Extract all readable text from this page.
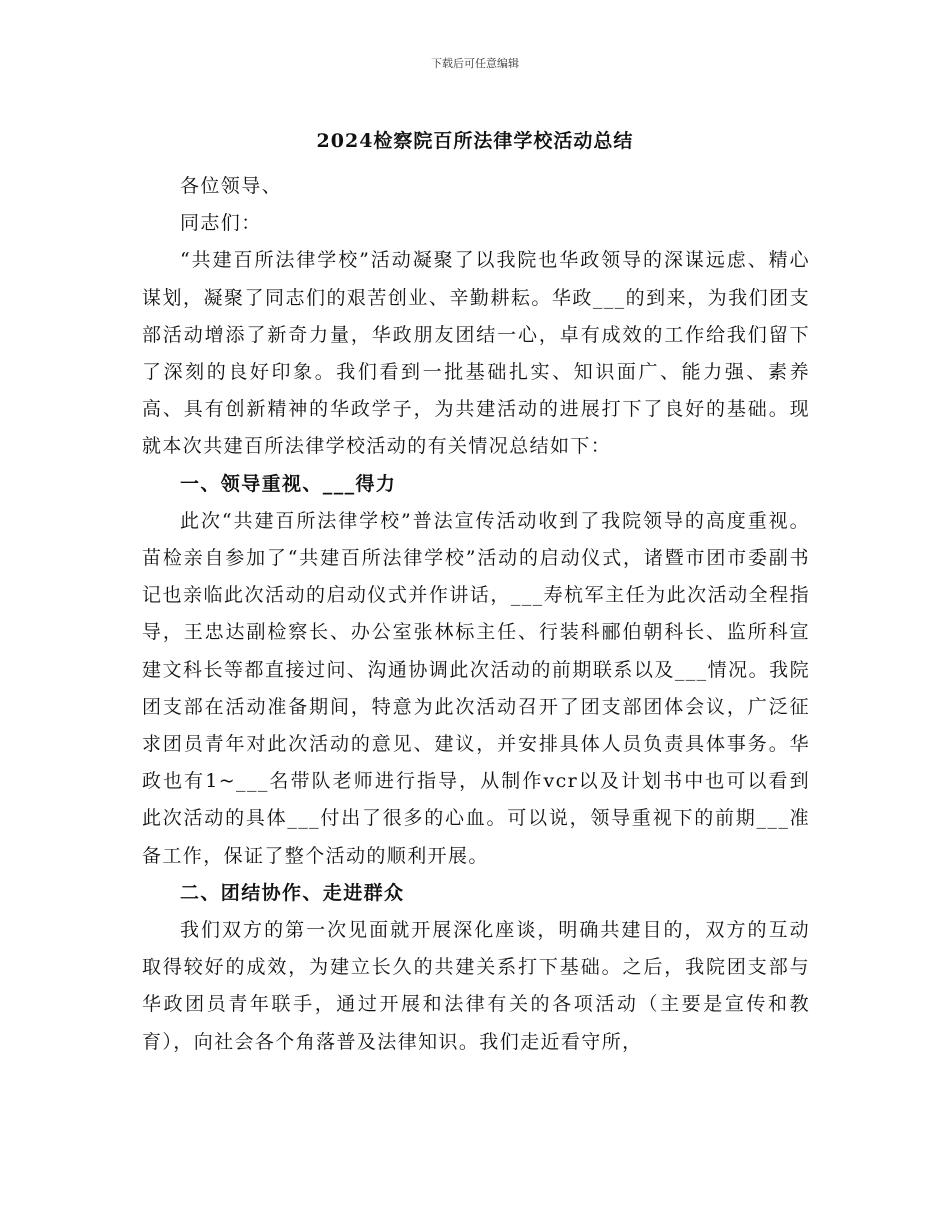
下载后可任意编辑
2024检察院百所法律学校活动总结

各位领导、

同志们：

“共建百所法律学校”活动凝聚了以我院也华政领导的深谋远虑、精心谋划，凝聚了同志们的艰苦创业、辛勤耕耘。华政___的到来，为我们团支部活动增添了新奇力量，华政朋友团结一心，卓有成效的工作给我们留下了深刻的良好印象。我们看到一批基础扎实、知识面广、能力强、素养高、具有创新精神的华政学子，为共建活动的进展打下了良好的基础。现就本次共建百所法律学校活动的有关情况总结如下：

一、领导重视、___得力

此次“共建百所法律学校”普法宣传活动收到了我院领导的高度重视。苗检亲自参加了“共建百所法律学校”活动的启动仪式，诸暨市团市委副书记也亲临此次活动的启动仪式并作讲话，___寿杭军主任为此次活动全程指导，王忠达副检察长、办公室张林标主任、行装科郦伯朝科长、监所科宣建文科长等都直接过问、沟通协调此次活动的前期联系以及___情况。我院团支部在活动准备期间，特意为此次活动召开了团支部团体会议，广泛征求团员青年对此次活动的意见、建议，并安排具体人员负责具体事务。华政也有1~___名带队老师进行指导，从制作vcr以及计划书中也可以看到此次活动的具体___付出了很多的心血。可以说，领导重视下的前期___准备工作，保证了整个活动的顺利开展。

二、团结协作、走进群众

我们双方的第一次见面就开展深化座谈，明确共建目的，双方的互动取得较好的成效，为建立长久的共建关系打下基础。之后，我院团支部与华政团员青年联手，通过开展和法律有关的各项活动（主要是宣传和教育），向社会各个角落普及法律知识。我们走近看守所，
